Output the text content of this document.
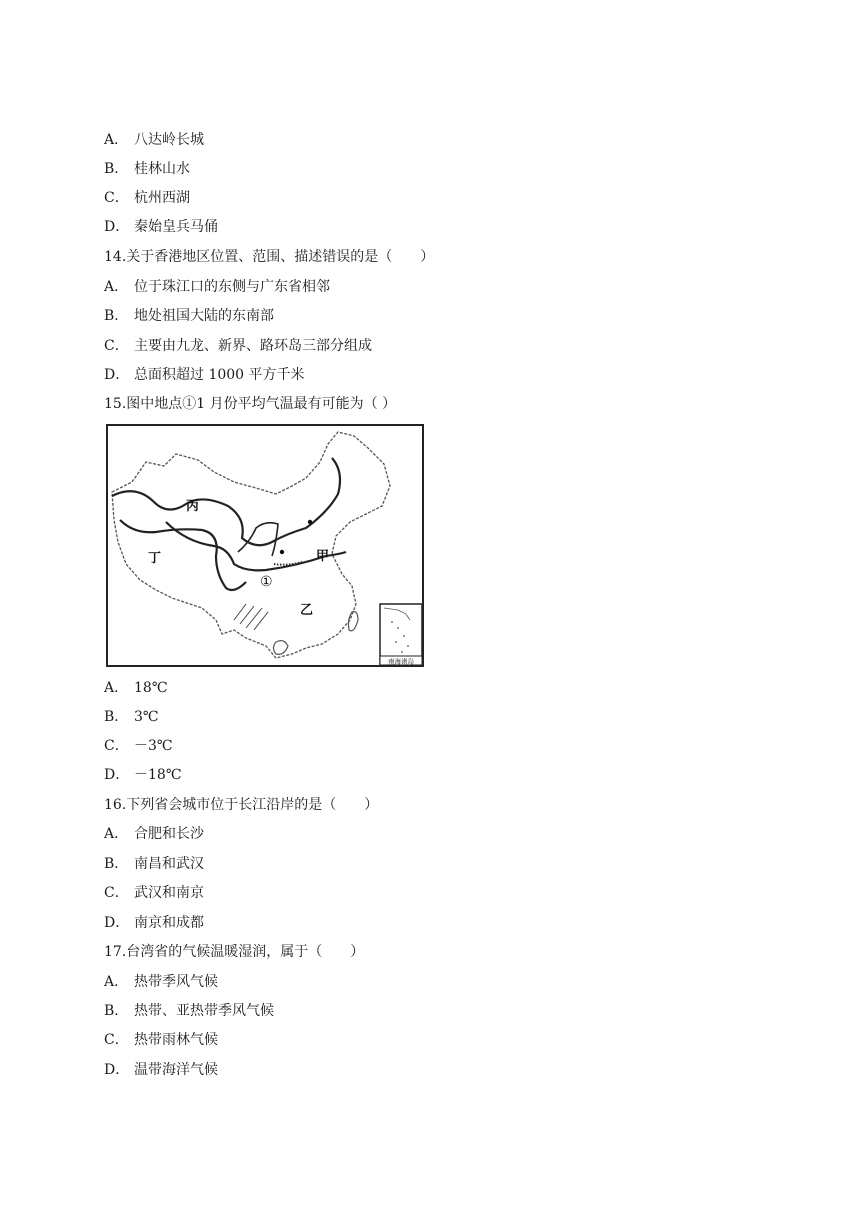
A． 八达岭长城
B． 桂林山水
C． 杭州西湖
D． 秦始皇兵马俑
14.关于香港地区位置、范围、描述错误的是（　　）
A． 位于珠江口的东侧与广东省相邻
B． 地处祖国大陆的东南部
C． 主要由九龙、新界、路环岛三部分组成
D． 总面积超过 1000 平方千米
15.图中地点①1 月份平均气温最有可能为（ ）
丙
丁	甲
乙
①
南海诸岛
A． 18℃
B． 3℃
C． －3℃
D． －18℃
16.下列省会城市位于长江沿岸的是（　　）
A． 合肥和长沙
B． 南昌和武汉
C． 武汉和南京
D． 南京和成都
17.台湾省的气候温暖湿润，属于（　　）
A． 热带季风气候
B． 热带、亚热带季风气候
C． 热带雨林气候
D． 温带海洋气候
